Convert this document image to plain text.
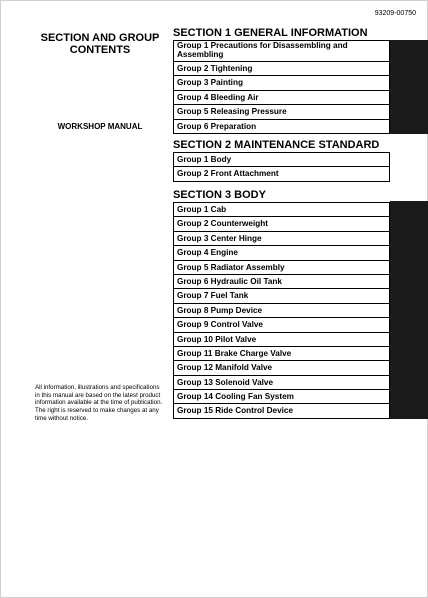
93209-00750
SECTION AND GROUP CONTENTS
WORKSHOP MANUAL
All information, illustrations and specifications in this manual are based on the latest product information available at the time of publication. The right is reserved to make changes at any time without notice.
SECTION 1 GENERAL INFORMATION
Group 1 Precautions for Disassembling and Assembling
Group 2 Tightening
Group 3 Painting
Group 4 Bleeding Air
Group 5 Releasing Pressure
Group 6 Preparation
SECTION 2 MAINTENANCE STANDARD
Group 1 Body
Group 2 Front Attachment
SECTION 3 BODY
Group 1 Cab
Group 2 Counterweight
Group 3 Center Hinge
Group 4 Engine
Group 5 Radiator Assembly
Group 6 Hydraulic Oil Tank
Group 7 Fuel Tank
Group 8 Pump Device
Group 9 Control Valve
Group 10 Pilot Valve
Group 11 Brake Charge Valve
Group 12 Manifold Valve
Group 13 Solenoid Valve
Group 14 Cooling Fan System
Group 15 Ride Control Device
